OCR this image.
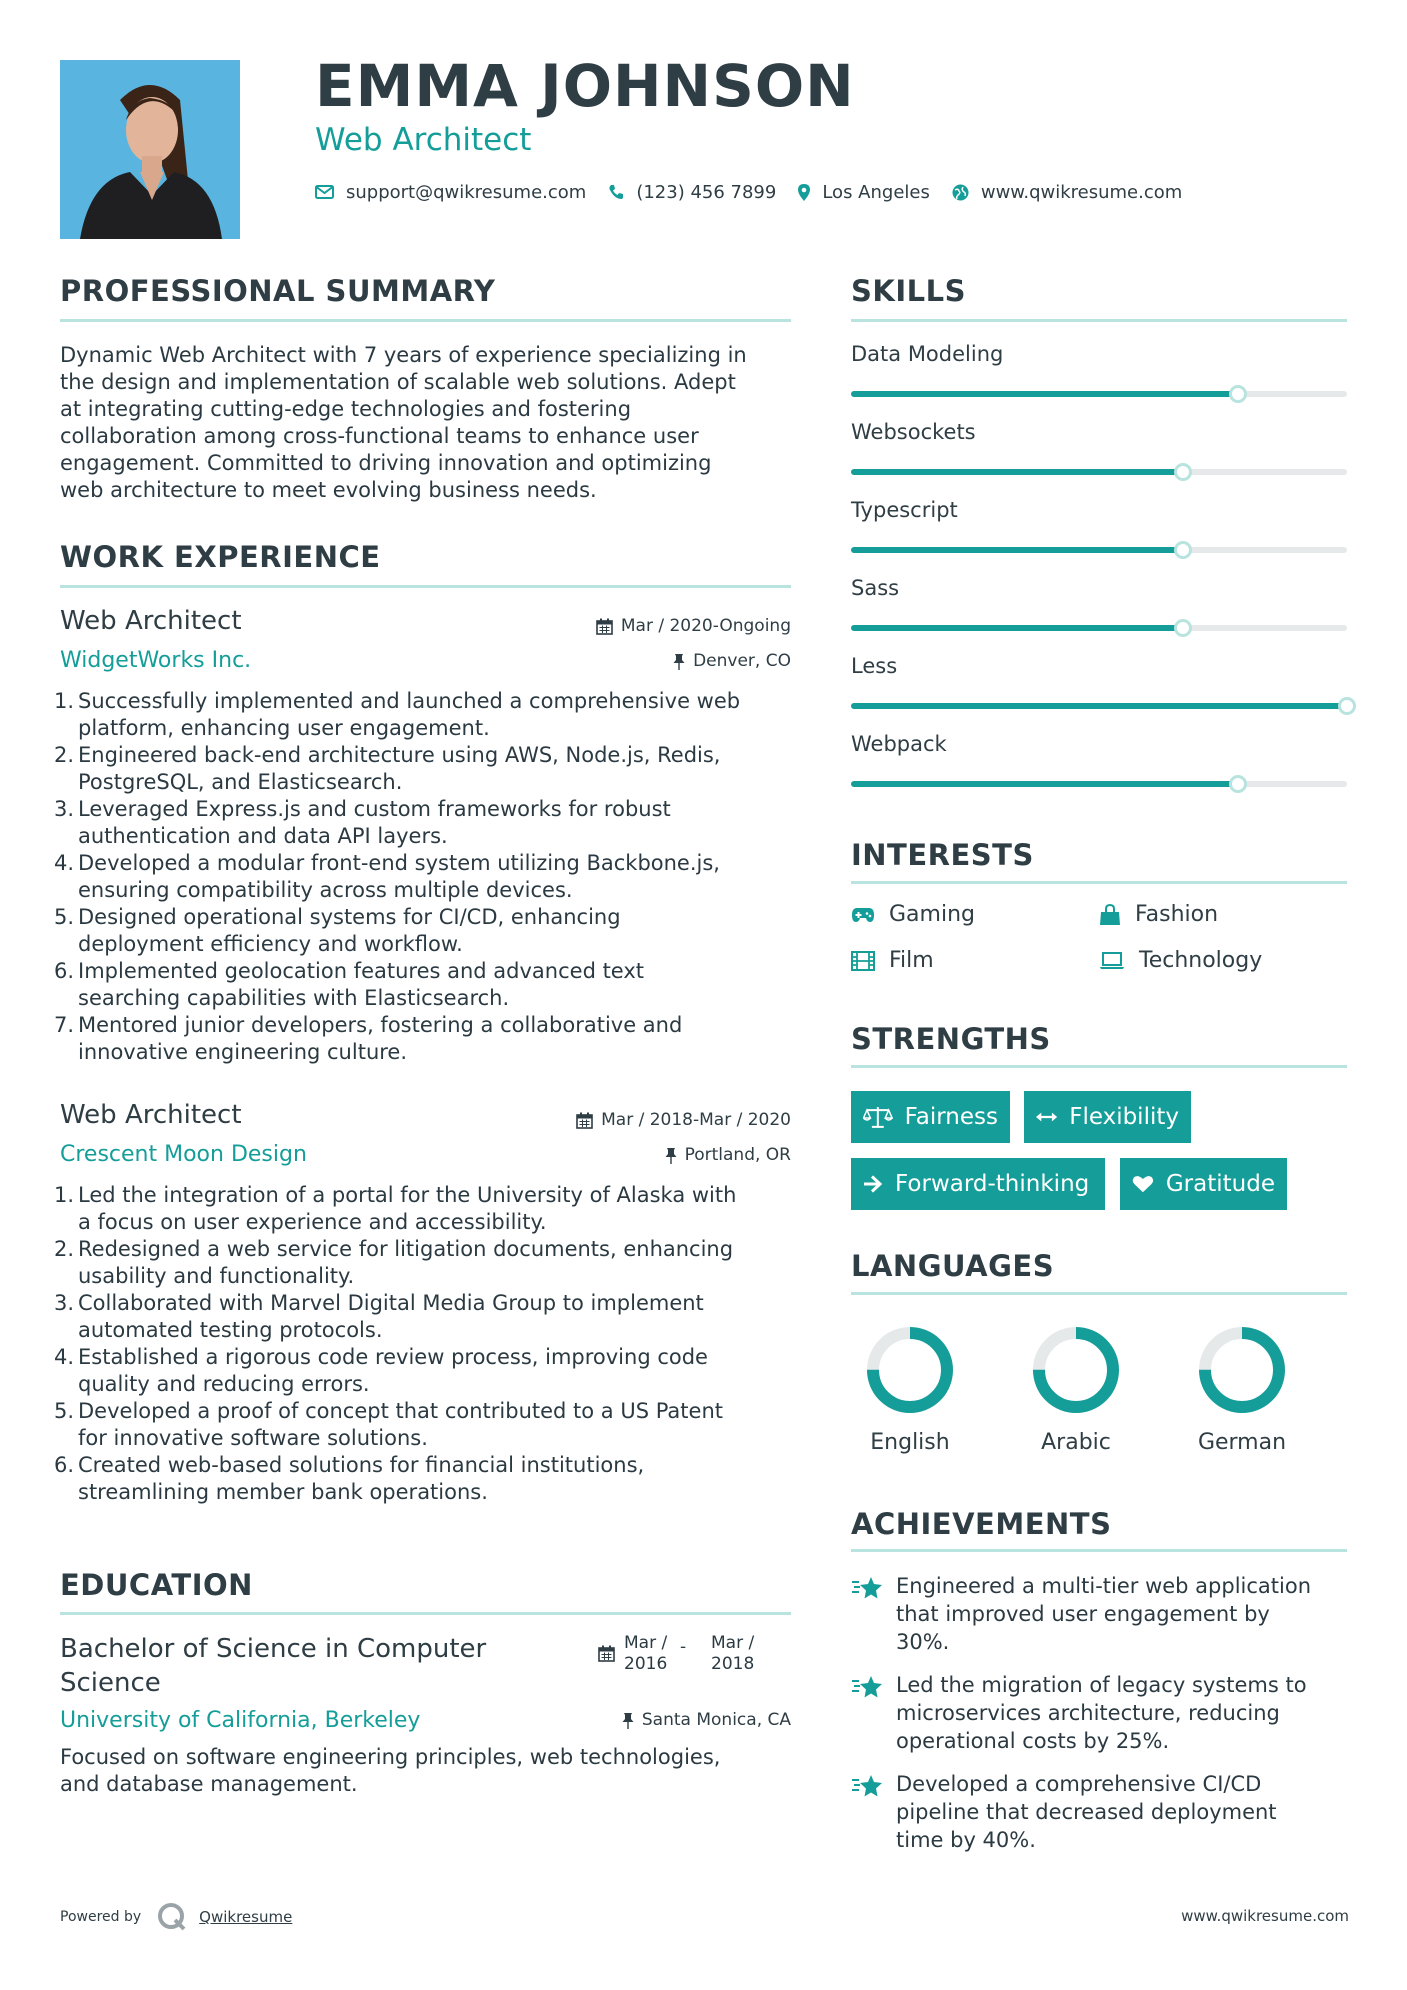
EMMA JOHNSON
Web Architect
support@qwikresume.com	(123) 456 7899	Los Angeles	www.qwikresume.com
PROFESSIONAL SUMMARY
Dynamic Web Architect with 7 years of experience specializing in
the design and implementation of scalable web solutions. Adept
at integrating cutting-edge technologies and fostering
collaboration among cross-functional teams to enhance user
engagement. Committed to driving innovation and optimizing
web architecture to meet evolving business needs.
WORK EXPERIENCE
Web Architect
WidgetWorks Inc.
Mar / 2020-Ongoing
Denver, CO
1. Successfully implemented and launched a comprehensive web
platform, enhancing user engagement.
2. Engineered back-end architecture using AWS, Node.js, Redis,
PostgreSQL, and Elasticsearch.
3. Leveraged Express.js and custom frameworks for robust
authentication and data API layers.
4. Developed a modular front-end system utilizing Backbone.js,
ensuring compatibility across multiple devices.
5. Designed operational systems for CI/CD, enhancing
deployment efficiency and workflow.
6. Implemented geolocation features and advanced text
searching capabilities with Elasticsearch.
7. Mentored junior developers, fostering a collaborative and
innovative engineering culture.
Web Architect
Crescent Moon Design
Mar / 2018-Mar / 2020
Portland, OR
1. Led the integration of a portal for the University of Alaska with
a focus on user experience and accessibility.
2. Redesigned a web service for litigation documents, enhancing
usability and functionality.
3. Collaborated with Marvel Digital Media Group to implement
automated testing protocols.
4. Established a rigorous code review process, improving code
quality and reducing errors.
5. Developed a proof of concept that contributed to a US Patent
for innovative software solutions.
6. Created web-based solutions for financial institutions,
streamlining member bank operations.
EDUCATION
Bachelor of Science in Computer
Science
University of California, Berkeley
Mar /
2016
- Mar /
2018
Santa Monica, CA
Focused on software engineering principles, web technologies,
and database management.
SKILLS
Data Modeling
Websockets
Typescript
Sass
Less
Webpack
INTERESTS
Gaming	Fashion
Film	Technology
STRENGTHS
Fairness	Flexibility
Forward-thinking	Gratitude
LANGUAGES
English	Arabic	German
ACHIEVEMENTS
Engineered a multi-tier web application
that improved user engagement by
30%.
Led the migration of legacy systems to
microservices architecture, reducing
operational costs by 25%.
Developed a comprehensive CI/CD
pipeline that decreased deployment
time by 40%.
Powered by	Qwikresume	www.qwikresume.com
